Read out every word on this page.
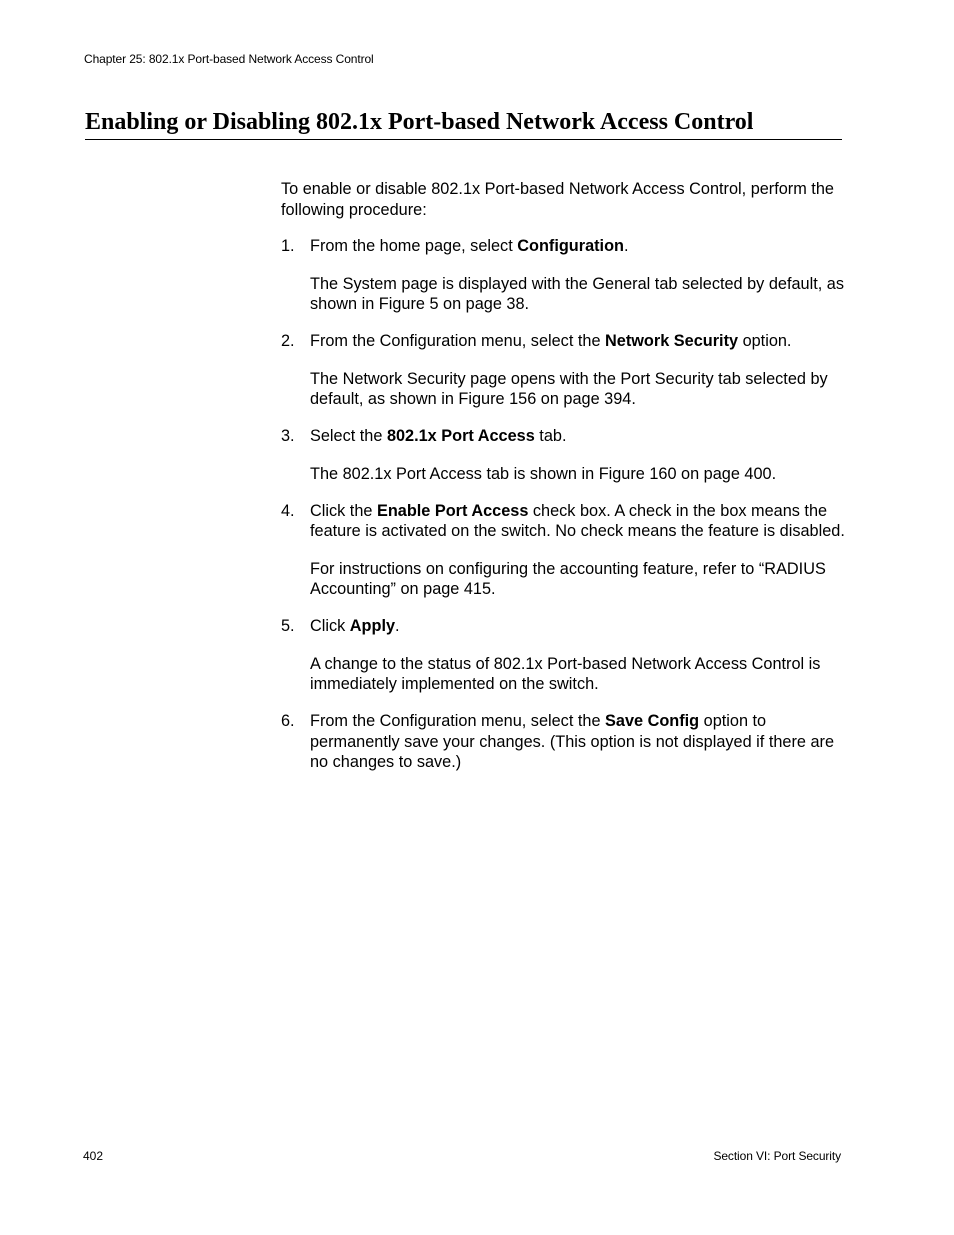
Chapter 25: 802.1x Port-based Network Access Control
Enabling or Disabling 802.1x Port-based Network Access Control

To enable or disable 802.1x Port-based Network Access Control, perform the following procedure:

1. From the home page, select Configuration.

The System page is displayed with the General tab selected by default, as shown in Figure 5 on page 38.

2. From the Configuration menu, select the Network Security option.

The Network Security page opens with the Port Security tab selected by default, as shown in Figure 156 on page 394.

3. Select the 802.1x Port Access tab.

The 802.1x Port Access tab is shown in Figure 160 on page 400.

4. Click the Enable Port Access check box. A check in the box means the feature is activated on the switch. No check means the feature is disabled.

For instructions on configuring the accounting feature, refer to “RADIUS Accounting” on page 415.

5. Click Apply.

A change to the status of 802.1x Port-based Network Access Control is immediately implemented on the switch.

6. From the Configuration menu, select the Save Config option to permanently save your changes. (This option is not displayed if there are no changes to save.)

402	Section VI: Port Security
